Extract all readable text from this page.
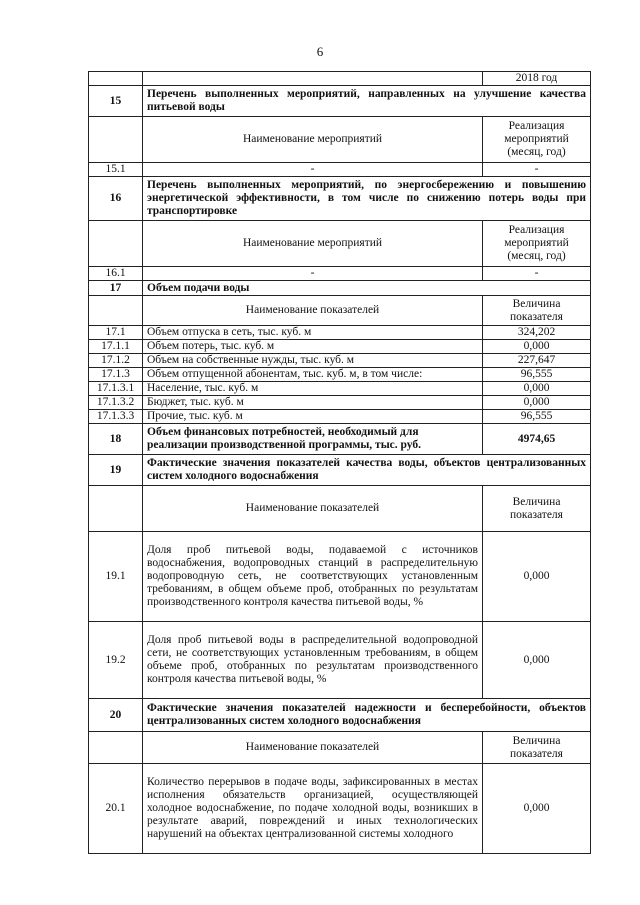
6
		2018 год
15	Перечень выполненных мероприятий, направленных на улучшение качества питьевой воды	
	Наименование мероприятий	Реализация мероприятий (месяц, год)
15.1	-	-
16	Перечень выполненных мероприятий, по энергосбережению и повышению энергетической эффективности, в том числе по снижению потерь воды при транспортировке	
	Наименование мероприятий	Реализация мероприятий (месяц, год)
16.1	-	-
17	Объем подачи воды	
	Наименование показателей	Величина показателя
17.1	Объем отпуска в сеть, тыс. куб. м	324,202
17.1.1	Объем потерь, тыс. куб. м	0,000
17.1.2	Объем на собственные нужды, тыс. куб. м	227,647
17.1.3	Объем отпущенной абонентам, тыс. куб. м, в том числе:	96,555
17.1.3.1	Население, тыс. куб. м	0,000
17.1.3.2	Бюджет, тыс. куб. м	0,000
17.1.3.3	Прочие, тыс. куб. м	96,555
18	Объем финансовых потребностей, необходимый для реализации производственной программы, тыс. руб.	4974,65
19	Фактические значения показателей качества воды, объектов централизованных систем холодного водоснабжения	
	Наименование показателей	Величина показателя
19.1	Доля проб питьевой воды, подаваемой с источников водоснабжения, водопроводных станций в распределительную водопроводную сеть, не соответствующих установленным требованиям, в общем объеме проб, отобранных по результатам производственного контроля качества питьевой воды, %	0,000
19.2	Доля проб питьевой воды в распределительной водопроводной сети, не соответствующих установленным требованиям, в общем объеме проб, отобранных по результатам производственного контроля качества питьевой воды, %	0,000
20	Фактические значения показателей надежности и бесперебойности, объектов централизованных систем холодного водоснабжения	
	Наименование показателей	Величина показателя
20.1	Количество перерывов в подаче воды, зафиксированных в местах исполнения обязательств организацией, осуществляющей холодное водоснабжение, по подаче холодной воды, возникших в результате аварий, повреждений и иных технологических нарушений на объектах централизованной системы холодного	0,000
